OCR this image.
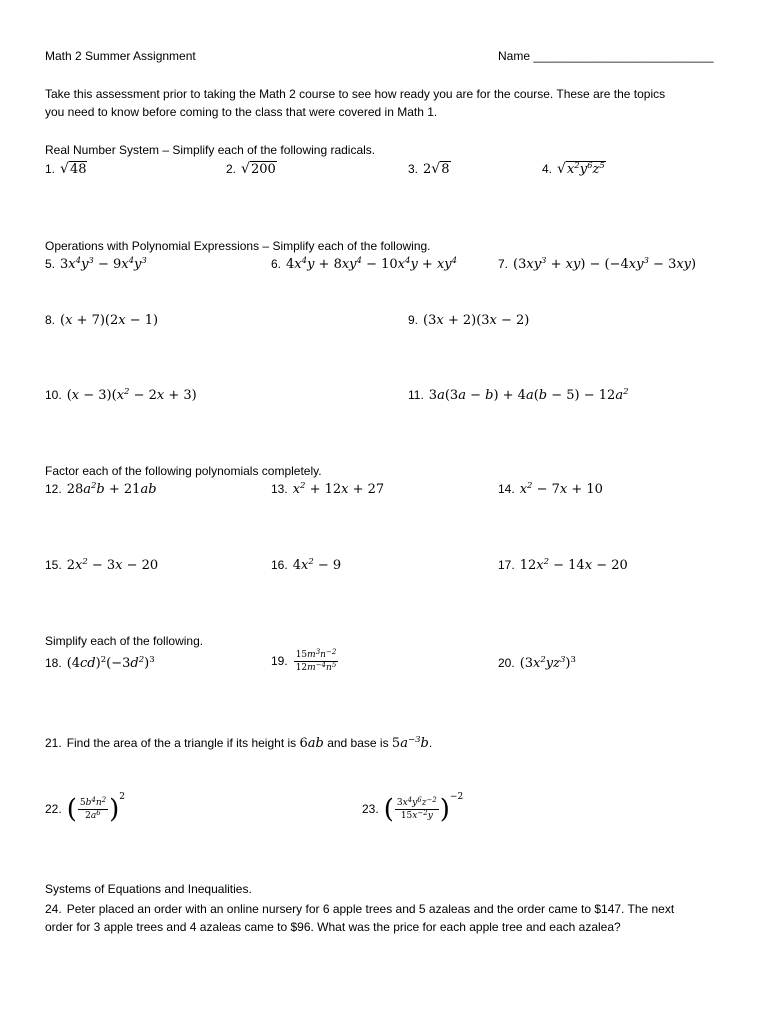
Math 2 Summer Assignment	Name ___________________________
Take this assessment prior to taking the Math 2 course to see how ready you are for the course. These are the topics
you need to know before coming to the class that were covered in Math 1.
Real Number System – Simplify each of the following radicals.
1. √48	2. √200	3. 2√8	4. $√x^2y^6z^5$
Operations with Polynomial Expressions – Simplify each of the following.
5. $3x^4y^3 - 9x^4y^3$	6. $4x^4y + 8xy^4 - 10x^4y + xy^4$	7. $(3xy^3 + xy) - (-4xy^3 - 3xy)$
8. (x + 7)(2x − 1)	9. (3x + 2)(3x − 2)
10. $(x - 3)(x^2 - 2x + 3)$	11. $3a(3a - b) + 4a(b - 5) - 12a^2$
Factor each of the following polynomials completely.
12. $28a^2b + 21ab$	13. $x^2 + 12x + 27$	14. $x^2 - 7x + 10$
15. $2x^2 - 3x - 20$	16. $4x^2 - 9$	17. $12x^2 - 14x - 20$
Simplify each of the following.
18. $(4cd)^2(-3d^2)^3$	19. $\frac{15m^3n^{-2}}{12m^{-4}n^5}$	20. $(3x^2yz^3)^3$
21. Find the area of the a triangle if its height is 6ab and base is $5a^{-3}b$.
22. ( $\frac{5b^4n^2}{2a^6} )^2$
23. ( $\frac{3x^4y^6z^{-2}}{15x^{-2}y} )^{-2}$
Systems of Equations and Inequalities.
24. Peter placed an order with an online nursery for 6 apple trees and 5 azaleas and the order came to $147. The next
order for 3 apple trees and 4 azaleas came to $96. What was the price for each apple tree and each azalea?
